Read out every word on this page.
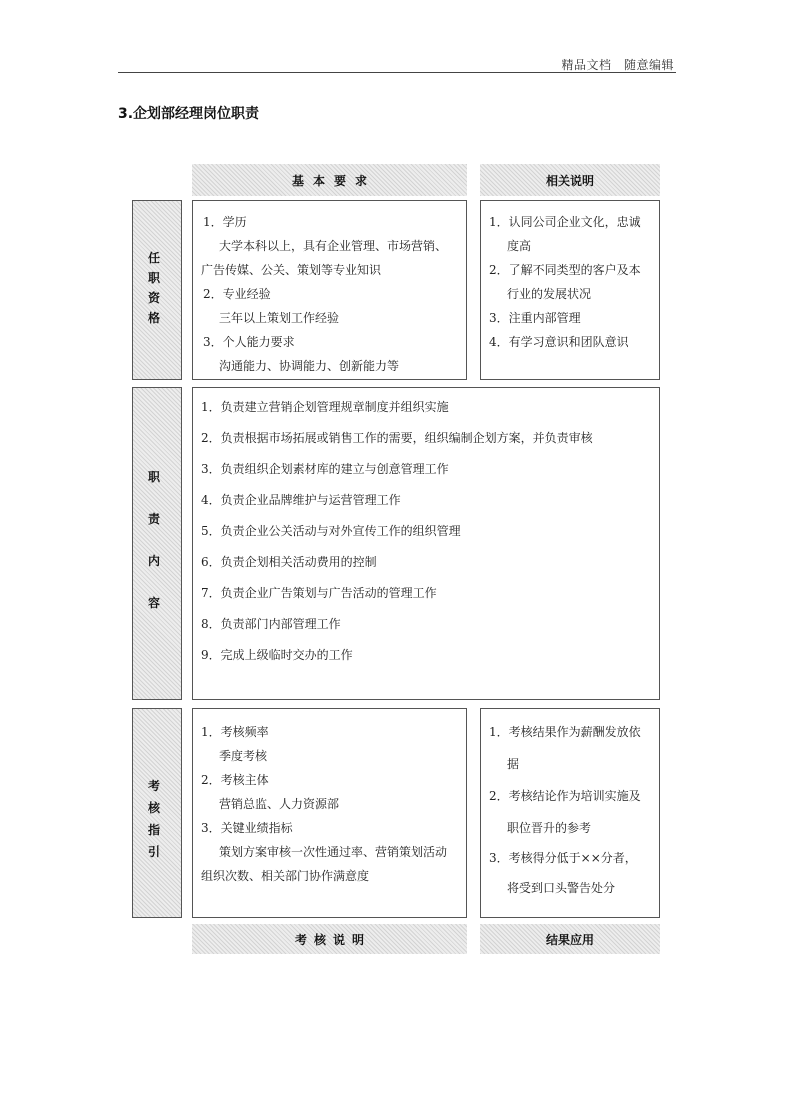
精品文档　随意编辑
3.企划部经理岗位职责
基本要求	相关说明
任
职
资
格
1．学历
大学本科以上，具有企业管理、市场营销、
广告传媒、公关、策划等专业知识
2．专业经验
三年以上策划工作经验
3．个人能力要求
沟通能力、协调能力、创新能力等
1．认同公司企业文化，忠诚
度高
2．了解不同类型的客户及本
行业的发展状况
3．注重内部管理
4．有学习意识和团队意识
职
责
内
容
1．负责建立营销企划管理规章制度并组织实施
2．负责根据市场拓展或销售工作的需要，组织编制企划方案，并负责审核
3．负责组织企划素材库的建立与创意管理工作
4．负责企业品牌维护与运营管理工作
5．负责企业公关活动与对外宣传工作的组织管理
6．负责企划相关活动费用的控制
7．负责企业广告策划与广告活动的管理工作
8．负责部门内部管理工作
9．完成上级临时交办的工作
考
核
指
引
1．考核频率
季度考核
2．考核主体
营销总监、人力资源部
3．关键业绩指标
策划方案审核一次性通过率、营销策划活动
组织次数、相关部门协作满意度
1．考核结果作为薪酬发放依
据
2．考核结论作为培训实施及
职位晋升的参考
3．考核得分低于××分者，
将受到口头警告处分
考核说明	结果应用
